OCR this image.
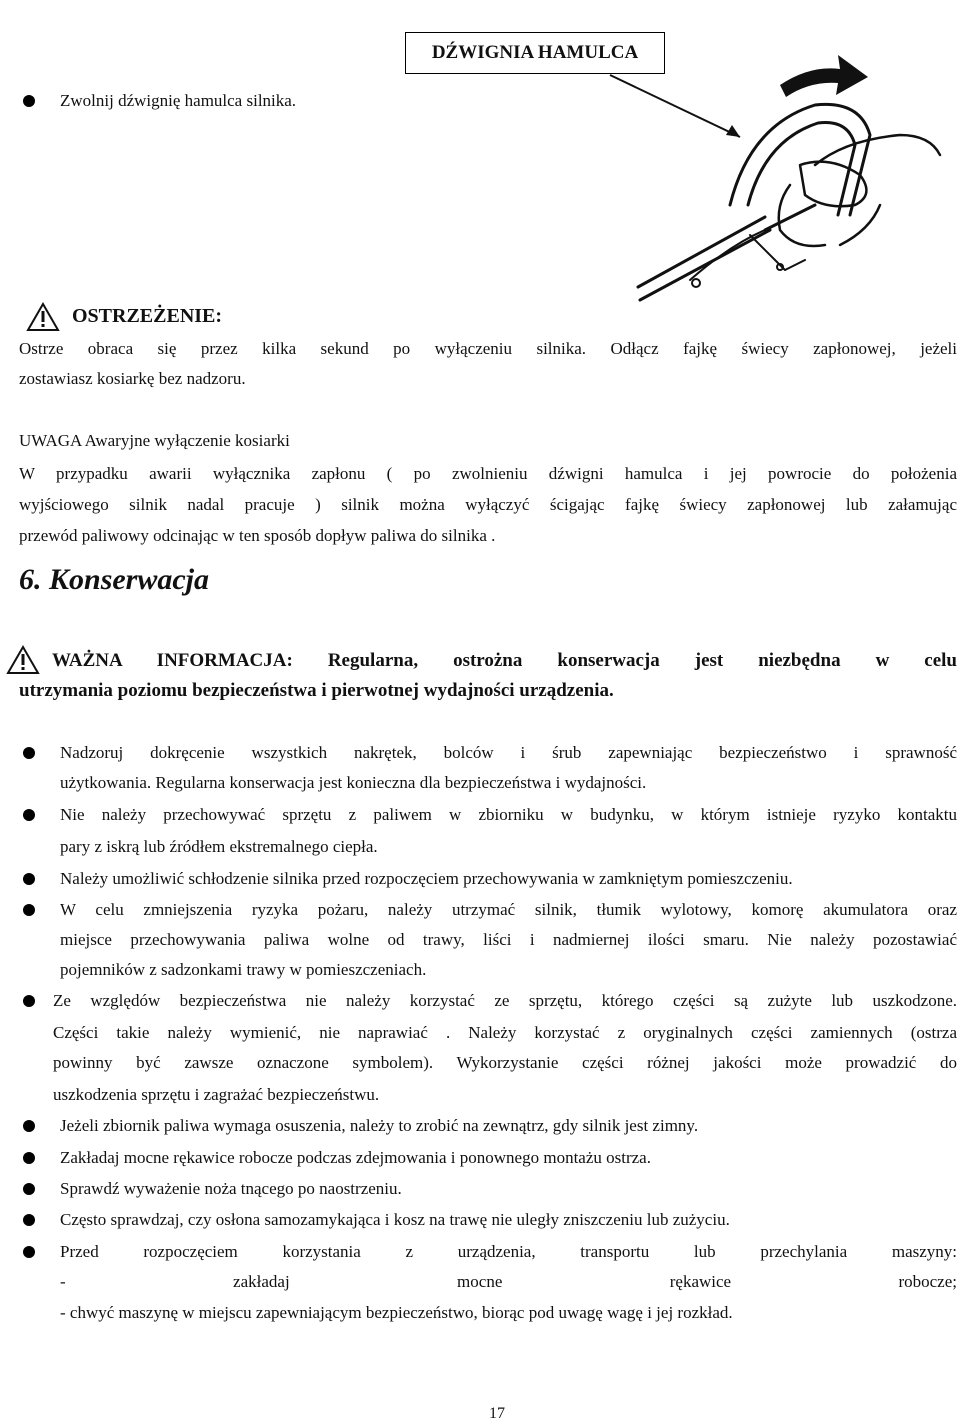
DŹWIGNIA HAMULCA
Zwolnij dźwignię hamulca silnika.
OSTRZEŻENIE:
Ostrze obraca się przez kilka sekund po wyłączeniu silnika. Odłącz fajkę świecy zapłonowej, jeżeli
zostawiasz kosiarkę bez nadzoru.
UWAGA Awaryjne wyłączenie kosiarki
W przypadku awarii wyłącznika zapłonu ( po zwolnieniu dźwigni hamulca i jej powrocie do położenia
wyjściowego silnik nadal pracuje ) silnik można wyłączyć ścigając fajkę świecy zapłonowej lub załamując
przewód paliwowy odcinając w ten sposób dopływ paliwa do silnika .
6. Konserwacja
WAŻNA INFORMACJA: Regularna, ostrożna konserwacja jest niezbędna w celu
utrzymania poziomu bezpieczeństwa i pierwotnej wydajności urządzenia.
Nadzoruj dokręcenie wszystkich nakrętek, bolców i śrub zapewniając bezpieczeństwo i sprawność
użytkowania. Regularna konserwacja jest konieczna dla bezpieczeństwa i wydajności.
Nie należy przechowywać sprzętu z paliwem w zbiorniku w budynku, w którym istnieje ryzyko kontaktu
pary z iskrą lub źródłem ekstremalnego ciepła.
Należy umożliwić schłodzenie silnika przed rozpoczęciem przechowywania w zamkniętym pomieszczeniu.
W celu zmniejszenia ryzyka pożaru, należy utrzymać silnik, tłumik wylotowy, komorę akumulatora oraz
miejsce przechowywania paliwa wolne od trawy, liści i nadmiernej ilości smaru. Nie należy pozostawiać
pojemników z sadzonkami trawy w pomieszczeniach.
Ze względów bezpieczeństwa nie należy korzystać ze sprzętu, którego części są zużyte lub uszkodzone.
Części takie należy wymienić, nie naprawiać . Należy korzystać z oryginalnych części zamiennych (ostrza
powinny być zawsze oznaczone symbolem). Wykorzystanie części różnej jakości może prowadzić do
uszkodzenia sprzętu i zagrażać bezpieczeństwu.
Jeżeli zbiornik paliwa wymaga osuszenia, należy to zrobić na zewnątrz, gdy silnik jest zimny.
Zakładaj mocne rękawice robocze podczas zdejmowania i ponownego montażu ostrza.
Sprawdź wyważenie noża tnącego po naostrzeniu.
Często sprawdzaj, czy osłona samozamykająca i kosz na trawę nie uległy zniszczeniu lub zużyciu.
Przed rozpoczęciem korzystania z urządzenia, transportu lub przechylania maszyny:
- zakładaj mocne rękawice robocze;
- chwyć maszynę w miejscu zapewniającym bezpieczeństwo, biorąc pod uwagę wagę i jej rozkład.
17
